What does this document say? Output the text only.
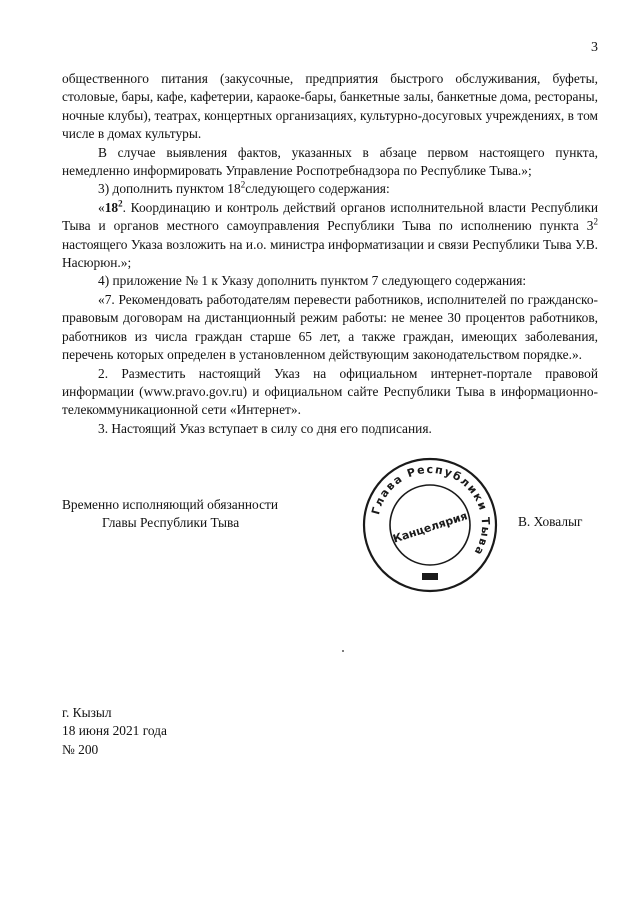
3

общественного питания (закусочные, предприятия быстрого обслуживания, буфеты, столовые, бары, кафе, кафетерии, караоке-бары, банкетные залы, банкетные дома, рестораны, ночные клубы), театрах, концертных организациях, культурно-досуговых учреждениях, в том числе в домах культуры.

В случае выявления фактов, указанных в абзаце первом настоящего пункта, немедленно информировать Управление Роспотребнадзора по Республике Тыва.»;

3) дополнить пунктом $18^2следующего$ содержания:

«$18^2$. Координацию и контроль действий органов исполнительной власти Республики Тыва и органов местного самоуправления Республики Тыва по исполнению пункта $3^2$ настоящего Указа возложить на и.о. министра информатизации и связи Республики Тыва У.В. Насюрюн.»;

4) приложение № 1 к Указу дополнить пунктом 7 следующего содержания:

«7. Рекомендовать работодателям перевести работников, исполнителей по гражданско-правовым договорам на дистанционный режим работы: не менее 30 процентов работников, работников из числа граждан старше 65 лет, а также граждан, имеющих заболевания, перечень которых определен в установленном действующим законодательством порядке.».

2. Разместить настоящий Указ на официальном интернет-портале правовой информации (www.pravo.gov.ru) и официальном сайте Республики Тыва в информационно-телекоммуникационной сети «Интернет».

3. Настоящий Указ вступает в силу со дня его подписания.

Временно исполняющий обязанности
Главы Республики Тыва
Глава Республики Тыва
Канцелярия	В. Ховалыг
г. Кызыл
18 июня 2021 года
№ 200
